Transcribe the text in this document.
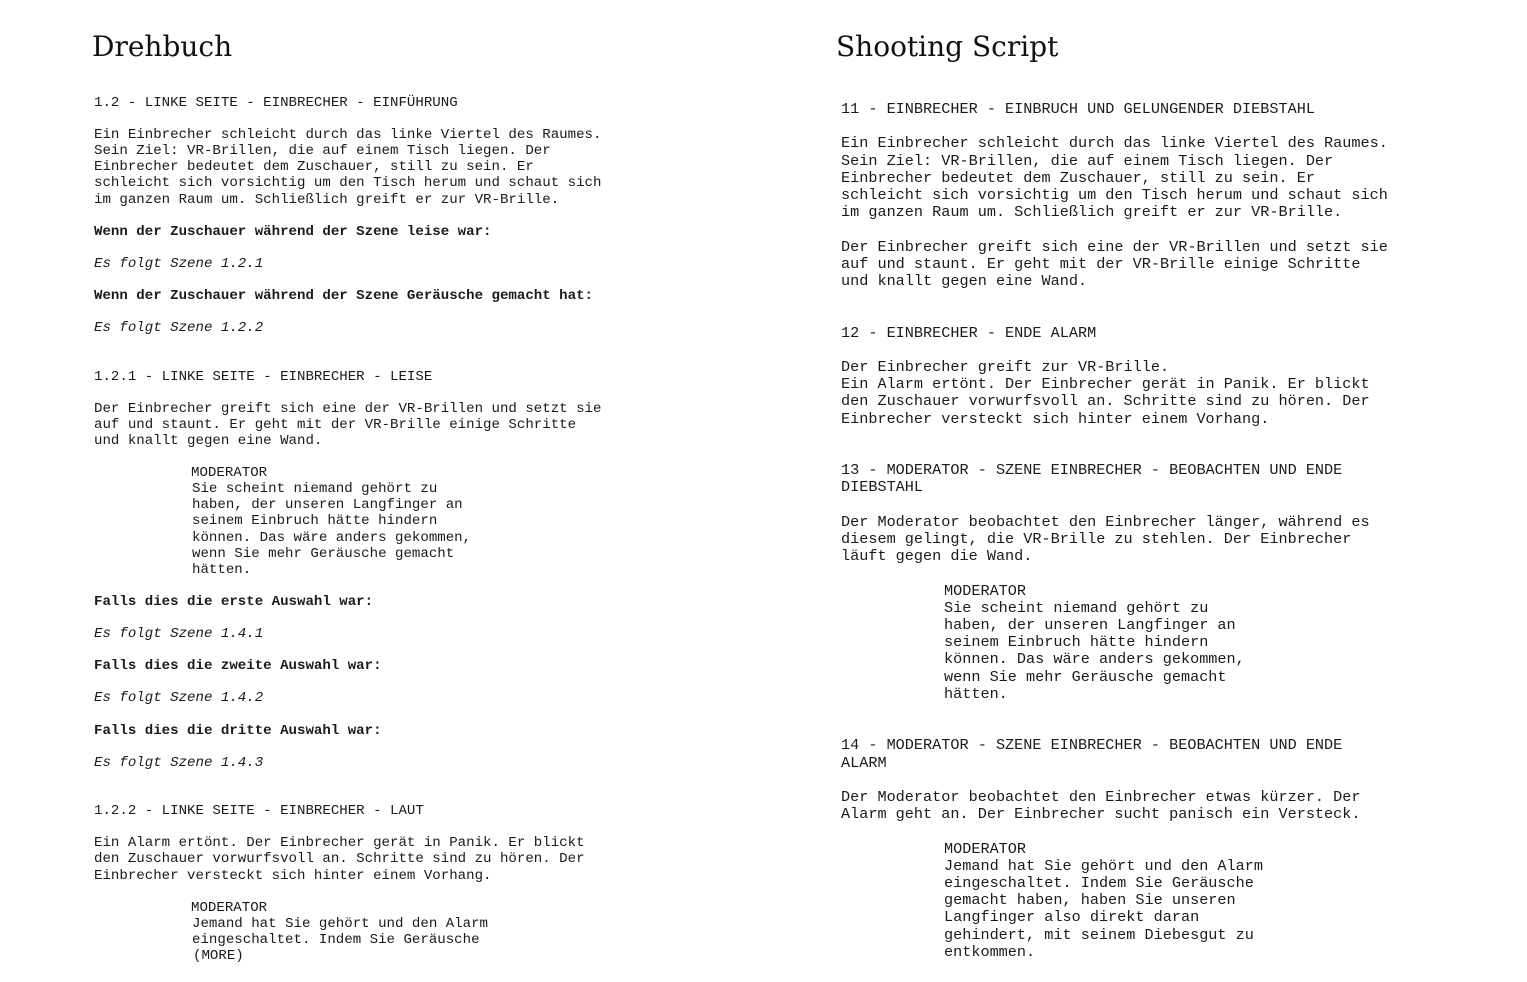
Drehbuch
1.2 - LINKE SEITE - EINBRECHER - EINFÜHRUNG
Ein Einbrecher schleicht durch das linke Viertel des Raumes.
Sein Ziel: VR-Brillen, die auf einem Tisch liegen. Der
Einbrecher bedeutet dem Zuschauer, still zu sein. Er
schleicht sich vorsichtig um den Tisch herum und schaut sich
im ganzen Raum um. Schließlich greift er zur VR-Brille.
Wenn der Zuschauer während der Szene leise war:
Es folgt Szene 1.2.1
Wenn der Zuschauer während der Szene Geräusche gemacht hat:
Es folgt Szene 1.2.2
1.2.1 - LINKE SEITE - EINBRECHER - LEISE
Der Einbrecher greift sich eine der VR-Brillen und setzt sie
auf und staunt. Er geht mit der VR-Brille einige Schritte
und knallt gegen eine Wand.
MODERATOR
Sie scheint niemand gehört zu
haben, der unseren Langfinger an
seinem Einbruch hätte hindern
können. Das wäre anders gekommen,
wenn Sie mehr Geräusche gemacht
hätten.
Falls dies die erste Auswahl war:
Es folgt Szene 1.4.1
Falls dies die zweite Auswahl war:
Es folgt Szene 1.4.2
Falls dies die dritte Auswahl war:
Es folgt Szene 1.4.3
1.2.2 - LINKE SEITE - EINBRECHER - LAUT
Ein Alarm ertönt. Der Einbrecher gerät in Panik. Er blickt
den Zuschauer vorwurfsvoll an. Schritte sind zu hören. Der
Einbrecher versteckt sich hinter einem Vorhang.
MODERATOR
Jemand hat Sie gehört und den Alarm
eingeschaltet. Indem Sie Geräusche
(MORE)
Shooting Script
11 - EINBRECHER - EINBRUCH UND GELUNGENDER DIEBSTAHL
Ein Einbrecher schleicht durch das linke Viertel des Raumes.
Sein Ziel: VR-Brillen, die auf einem Tisch liegen. Der
Einbrecher bedeutet dem Zuschauer, still zu sein. Er
schleicht sich vorsichtig um den Tisch herum und schaut sich
im ganzen Raum um. Schließlich greift er zur VR-Brille.
Der Einbrecher greift sich eine der VR-Brillen und setzt sie
auf und staunt. Er geht mit der VR-Brille einige Schritte
und knallt gegen eine Wand.
12 - EINBRECHER - ENDE ALARM
Der Einbrecher greift zur VR-Brille.
Ein Alarm ertönt. Der Einbrecher gerät in Panik. Er blickt
den Zuschauer vorwurfsvoll an. Schritte sind zu hören. Der
Einbrecher versteckt sich hinter einem Vorhang.
13 - MODERATOR - SZENE EINBRECHER - BEOBACHTEN UND ENDE
DIEBSTAHL
Der Moderator beobachtet den Einbrecher länger, während es
diesem gelingt, die VR-Brille zu stehlen. Der Einbrecher
läuft gegen die Wand.
MODERATOR
Sie scheint niemand gehört zu
haben, der unseren Langfinger an
seinem Einbruch hätte hindern
können. Das wäre anders gekommen,
wenn Sie mehr Geräusche gemacht
hätten.
14 - MODERATOR - SZENE EINBRECHER - BEOBACHTEN UND ENDE
ALARM
Der Moderator beobachtet den Einbrecher etwas kürzer. Der
Alarm geht an. Der Einbrecher sucht panisch ein Versteck.
MODERATOR
Jemand hat Sie gehört und den Alarm
eingeschaltet. Indem Sie Geräusche
gemacht haben, haben Sie unseren
Langfinger also direkt daran
gehindert, mit seinem Diebesgut zu
entkommen.
